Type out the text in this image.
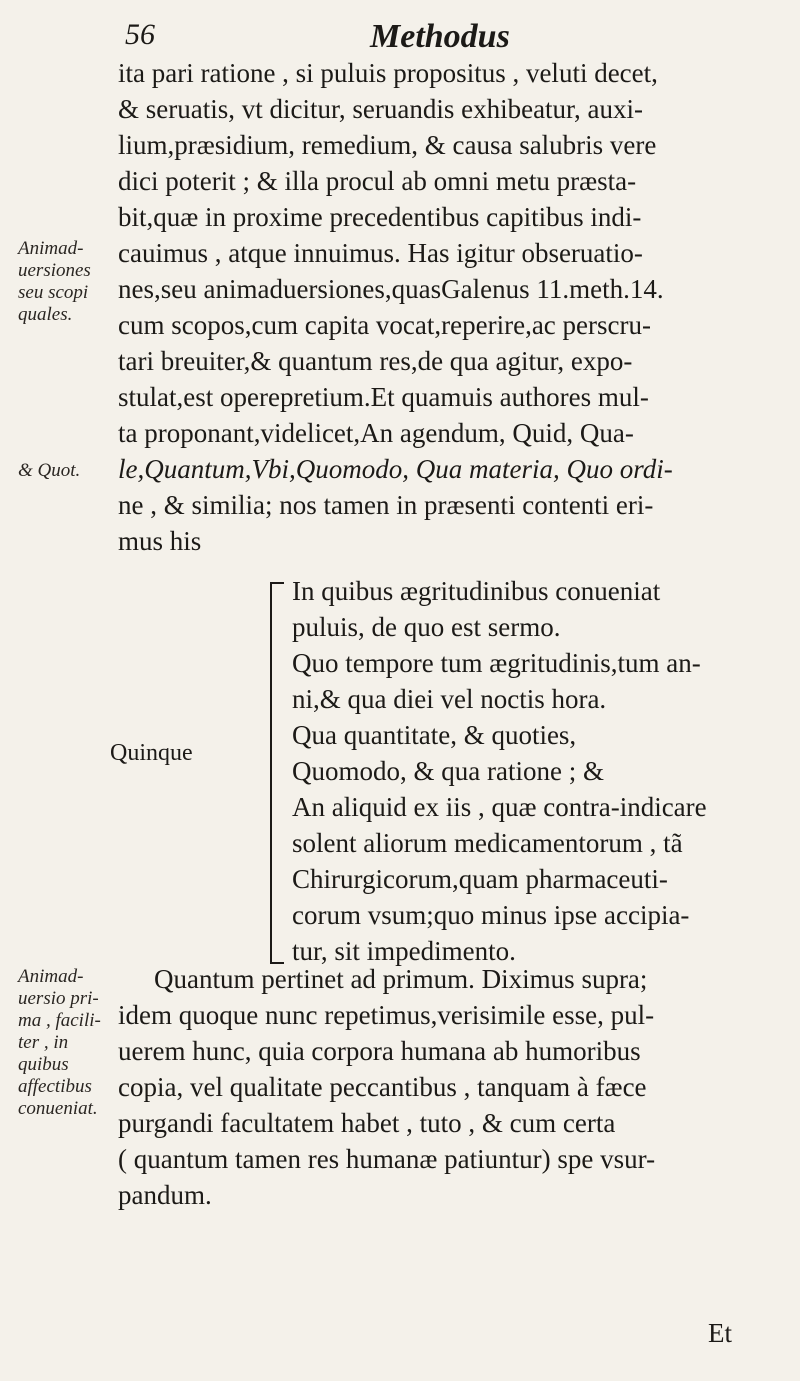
56	Methodus
ita pari ratione , si puluis propositus , veluti decet,
& seruatis, vt dicitur, seruandis exhibeatur, auxi-
lium,præsidium, remedium, & causa salubris vere
dici poterit ; & illa procul ab omni metu præsta-
bit,quæ in proxime precedentibus capitibus indi-
cauimus , atque innuimus. Has igitur obseruatio-
nes,seu animaduersiones,quasGalenus 11.meth.14.
cum scopos,cum capita vocat,reperire,ac perscru-
tari breuiter,& quantum res,de qua agitur, expo-
stulat,est operepretium.Et quamuis authores mul-
ta proponant,videlicet,An agendum, Quid, Qua-
le,Quantum,Vbi,Quomodo, Qua materia, Quo ordi-
ne , & similia; nos tamen in præsenti contenti eri-
mus his
Animad-
uersiones
seu scopi
quales.
& Quot.
Animad-
uersio pri-
ma , facili-
ter , in
quibus
affectibus
conueniat.
Quinque
In quibus ægritudinibus conueniat
puluis, de quo est sermo.
Quo tempore tum ægritudinis,tum an-
ni,& qua diei vel noctis hora.
Qua quantitate, & quoties,
Quomodo, & qua ratione ; &
An aliquid ex iis , quæ contra-indicare
solent aliorum medicamentorum , tã
Chirurgicorum,quam pharmaceuti-
corum vsum;quo minus ipse accipia-
tur, sit impedimento.
Quantum pertinet ad primum. Diximus supra;
idem quoque nunc repetimus,verisimile esse, pul-
uerem hunc, quia corpora humana ab humoribus
copia, vel qualitate peccantibus , tanquam à fæce
purgandi facultatem habet , tuto , & cum certa
( quantum tamen res humanæ patiuntur) spe vsur-
pandum.
Et
